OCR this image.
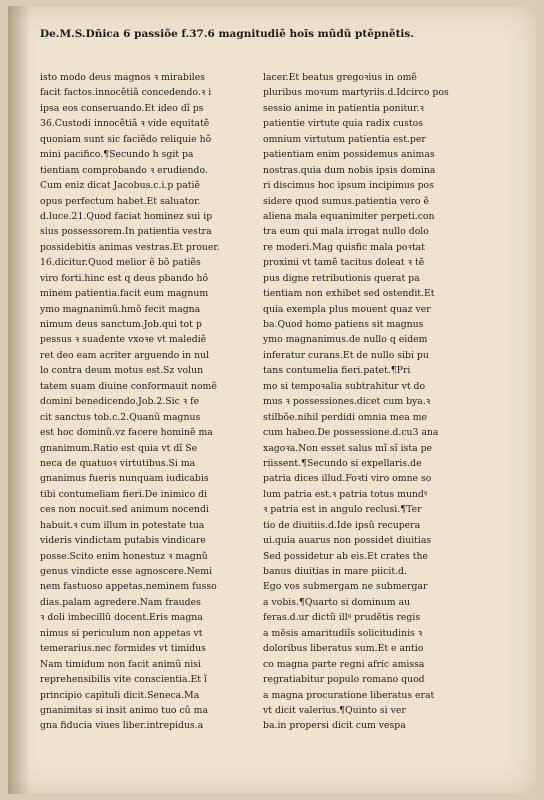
De.M.S.Dñica 6 passiõe f.37.6 magnitudiẽ hoĩs mũdũ ptẽpnẽtis.
isto modo deus magnos ꝛ mirabiles
facit factos.innocẽtiã concedendo.ꝛ i
ipsa eos conseruando.Et ideo dĩ ps
36.Custodi innocẽtiã ꝛ vide equitatẽ
quoniam sunt sic faciẽdo reliquie hõ
mini pacifico.¶Secundo h sgit pa
tientiam comprobando ꝛ erudiendo.
Cum eniz dicat Jacobus.c.i.p patiẽ
opus perfectum habet.Et saluator.
d.luce.21.Quod faciat hominez sui ip
sius possessorem.In patientia vestra
possidebitis animas vestras.Et prouer.
16.dicitur.Quod melior ẽ bõ patiẽs
viro forti.hinc est q deus pbando hõ
minem patientia.facit eum magnum
ymo magnanimũ.hmõ fecit magna
nimum deus sanctum.Job.qui tot p
pessus ꝛ suadente vxoꝛe vt malediẽ
ret deo eam acriter arguendo in nul
lo contra deum motus est.Sz volun
tatem suam diuine conformauit nomẽ
domini benedicendo.Job.2.Sic ꝛ fe
cit sanctus tob.c.2.Quanũ magnus
est hoc dominũ.vz facere hominẽ ma
gnanimum.Ratio est quia vt dĩ Se
neca de quatuoꝛ virtutibus.Si ma
gnanimus fueris nunquam iudicabis
tibi contumeliam fieri.De inimico di
ces non nocuit.sed animum nocendi
habuit.ꝛ cum illum in potestate tua
videris vindictam putabis vindicare
posse.Scito enim honestuz ꝛ magnũ
genus vindicte esse agnoscere.Nemi
nem fastuoso appetas.neminem fusso
dias.palam agredere.Nam fraudes
ꝛ doli imbecillũ docent.Eris magna
nimus si periculum non appetas vt
temerarius.nec formides vt timidus
Nam timidum non facit animũ nisi
reprehensibilis vite conscientia.Et ĩ
principio capituli dicit.Seneca.Ma
gnanimitas si insit animo tuo cũ ma
gna fiducia viues liber.intrepidus.a
lacer.Et beatus gregoꝛius in omẽ
pluribus moꝛum martyriis.d.Idcirco pos
sessio anime in patientia ponitur.ꝛ
patientie virtute quia radix custos
omnium virtutum patientia est.per
patientiam enim possidemus animas
nostras.quia dum nobis ipsis domina
ri discimus hoc ipsum incipimus pos
sidere quod sumus.patientia vero ẽ
aliena mala equanimiter perpeti.con
tra eum qui mala irrogat nullo dolo
re moderi.Mag quisfic mala poꝛtat
proximi vt tamẽ tacitus doleat ꝛ tẽ
pus digne retributionis querat pa
tientiam non exhibet sed ostendit.Et
quia exempla plus mouent quaz ver
ba.Quod homo patiens sit magnus
ymo magnanimus.de nullo q eidem
inferatur curans.Et de nullo sibi pu
tans contumelia fieri.patet.¶Pri
mo si tempoꝛalia subtrahitur vt do
mus ꝛ possessiones.dicet cum bya.ꝛ
stilbõe.nihil perdidi omnia mea me
cum habeo.De possessione.d.cu3 ana
xagoꝛa.Non esset salus mĩ sĩ ista pe
riissent.¶Secundo si expellaris.de
patria dices illud.Foꝛti viro omne so
lum patria est.ꝛ patria totus mundꝰ
ꝛ patria est in angulo reclusi.¶Ter
tio de diuitiis.d.Ide ipsũ recupera
ui.quia auarus non possidet diuitias
Sed possidetur ab eis.Et crates the
banus diuitias in mare piicit.d.
Ego vos submergam ne submergar
a vobis.¶Quarto si dominum au
feras.d.ur dictũ illꝰ prudẽtis regis
a mẽsis amaritudiĩs solicitudinis ꝛ
doloribus liberatus sum.Et e antio
co magna parte regni afric amissa
regratiabitur populo romano quod
a magna procuratione liberatus erat
vt dicit valerius.¶Quinto si ver
ba.in propersi dicit cum vespa
